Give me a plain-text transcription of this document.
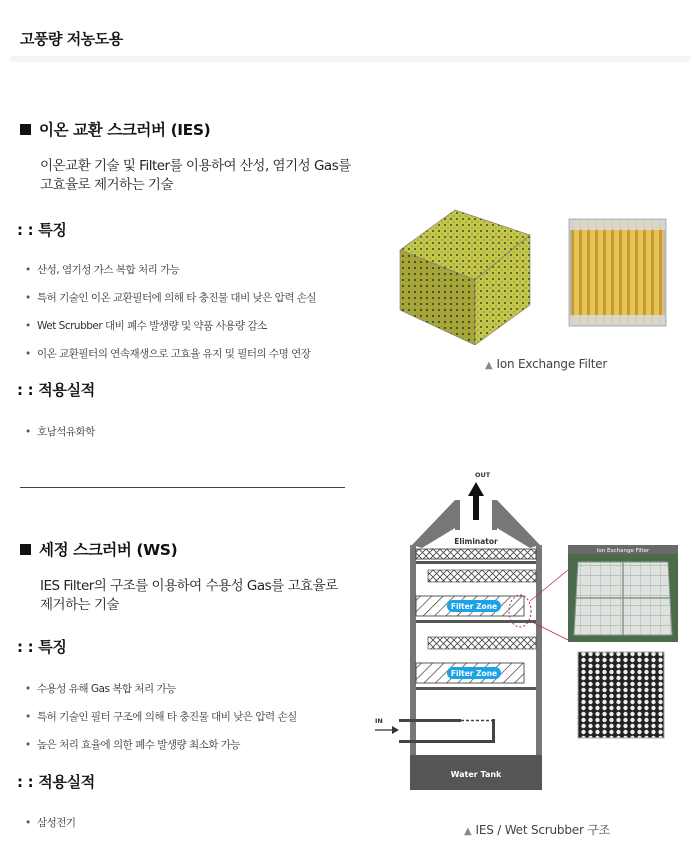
고풍량 저농도용
이온 교환 스크러버 (IES)
이온교환 기술 및 Filter를 이용하여 산성, 염기성 Gas를
고효율로 제거하는 기술
: : 특징
• 산성, 염기성 가스 복합 처리 가능
• 특허 기술인 이온 교환필터에 의해 타 충진물 대비 낮은 압력 손실
• Wet Scrubber 대비 폐수 발생량 및 약품 사용량 감소
• 이온 교환필터의 연속재생으로 고효율 유지 및 필터의 수명 연장
: : 적용실적
• 호남석유화학
▲ Ion Exchange Filter
세정 스크러버 (WS)
IES Filter의 구조를 이용하여 수용성 Gas를 고효율로
제거하는 기술
: : 특징
• 수용성 유해 Gas 복합 처리 가능
• 특허 기술인 필터 구조에 의해 타 충진물 대비 낮은 압력 손실
• 높은 처리 효율에 의한 폐수 발생량 최소화 가능
: : 적용실적
• 삼성전기
OUT
Eliminator
Filter Zone
Filter Zone
IN
Water Tank
Ion Exchange Filter
▲ IES / Wet Scrubber 구조
